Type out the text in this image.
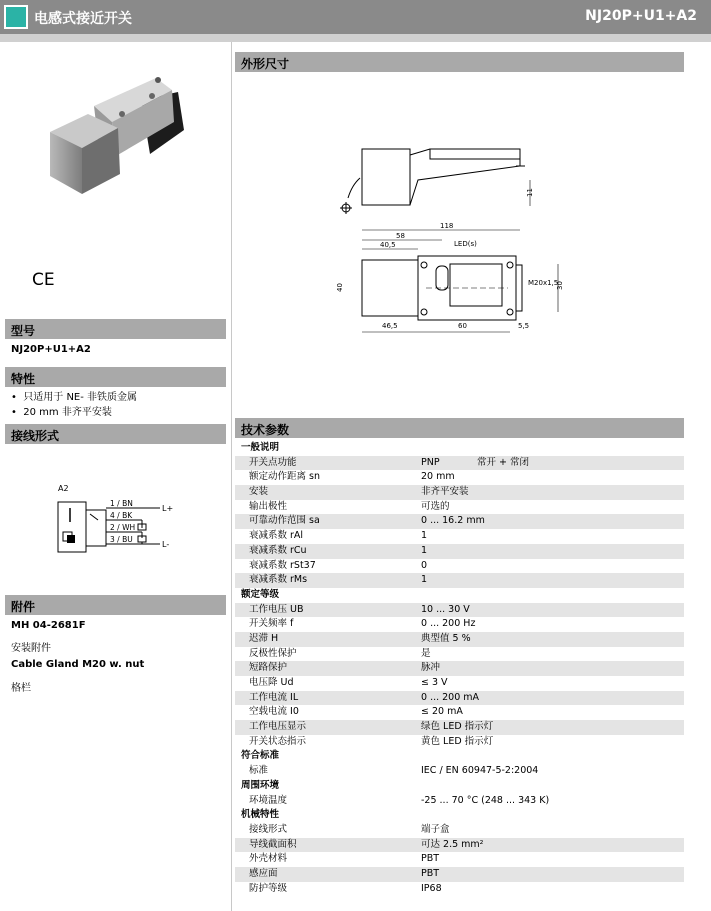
电感式接近开关	NJ20P+U1+A2
CE
型号
NJ20P+U1+A2
特性
•  只适用于 NE- 非铁质金属
•  20 mm 非齐平安装
接线形式
A2
1 / BN
4 / BK
2 / WH
3 / BU
L+
L-
附件
MH 04-2681F
安装附件
Cable Gland M20 w. nut
格栏
外形尺寸
11
118
58
40,5	LED(s)
M20x1,5
30
40
46,5	60	5,5
技术参数
一般说明
开关点功能	PNP	常开 + 常闭
额定动作距离 sn	20 mm
安装	非齐平安装
输出极性	可选的
可靠动作范围 sa	0 ... 16.2 mm
衰减系数 rAl	1
衰减系数 rCu	1
衰减系数 rSt37	0
衰减系数 rMs	1
额定等级
工作电压 UB	10 ... 30 V
开关频率 f	0 ... 200 Hz
迟滞 H	典型值 5 %
反极性保护	是
短路保护	脉冲
电压降 Ud	≤ 3 V
工作电流 IL	0 ... 200 mA
空载电流 I0	≤ 20 mA
工作电压显示	绿色 LED 指示灯
开关状态指示	黄色 LED 指示灯
符合标准
标准	IEC / EN 60947-5-2:2004
周围环境
环境温度	-25 ... 70 °C (248 ... 343 K)
机械特性
接线形式	端子盒
导线截面积	可达 2.5 mm²
外壳材料	PBT
感应面	PBT
防护等级	IP68
